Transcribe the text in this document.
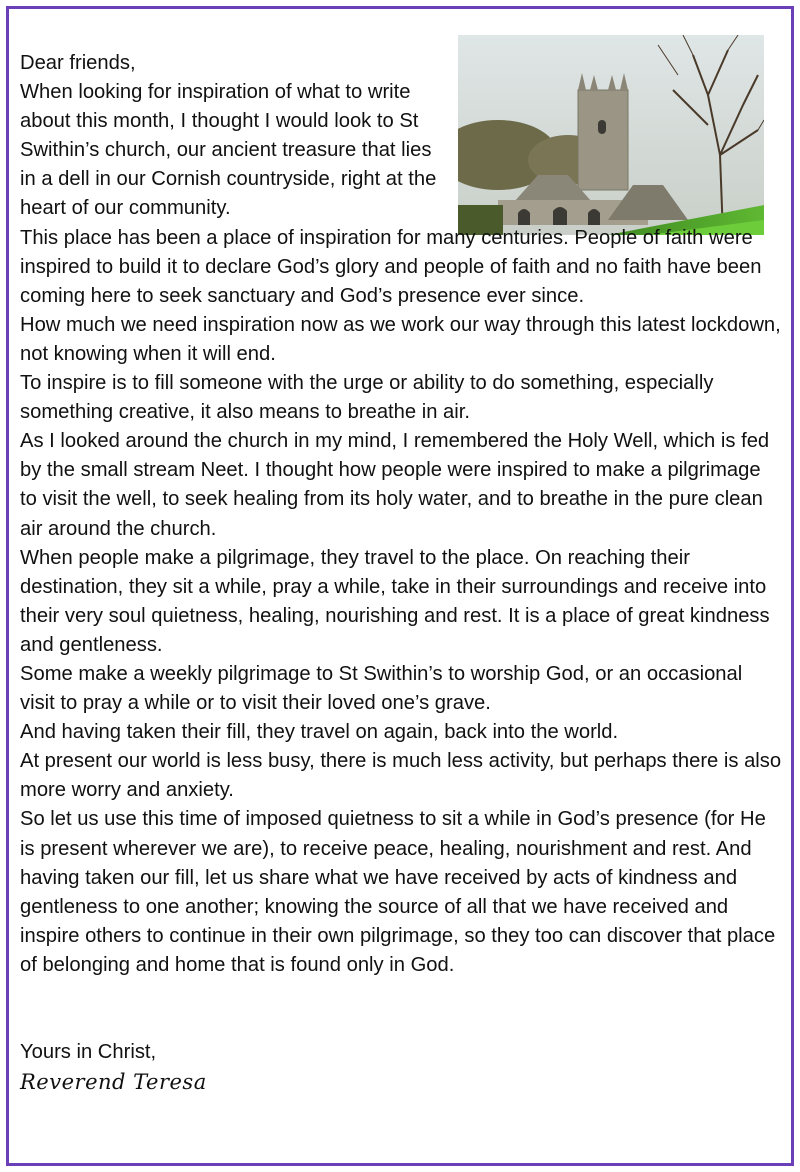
Dear friends,

When looking for inspiration of what to write about this month, I thought I would look to St Swithin’s church, our ancient treasure that lies in a dell in our Cornish countryside, right at the heart of our community.

This place has been a place of inspiration for many centuries. People of faith were inspired to build it to declare God’s glory and people of faith and no faith have been coming here to seek sanctuary and God’s presence ever since.

How much we need inspiration now as we work our way through this latest lockdown, not knowing when it will end.

To inspire is to fill someone with the urge or ability to do something, especially something creative, it also means to breathe in air.

As I looked around the church in my mind, I remembered the Holy Well, which is fed by the small stream Neet. I thought how people were inspired to make a pilgrimage to visit the well, to seek healing from its holy water, and to breathe in the pure clean air around the church.

When people make a pilgrimage, they travel to the place. On reaching their destination, they sit a while, pray a while, take in their surroundings and receive into their very soul quietness, healing, nourishing and rest. It is a place of great kindness and gentleness.

Some make a weekly pilgrimage to St Swithin’s to worship God, or an occasional visit to pray a while or to visit their loved one’s grave.

And having taken their fill, they travel on again, back into the world.

At present our world is less busy, there is much less activity, but perhaps there is also more worry and anxiety.

So let us use this time of imposed quietness to sit a while in God’s presence (for He is present wherever we are), to receive peace, healing, nourishment and rest. And having taken our fill, let us share what we have received by acts of kindness and gentleness to one another; knowing the source of all that we have received and inspire others to continue in their own pilgrimage, so they too can discover that place of belonging and home that is found only in God.

Yours in Christ,

Reverend Teresa
